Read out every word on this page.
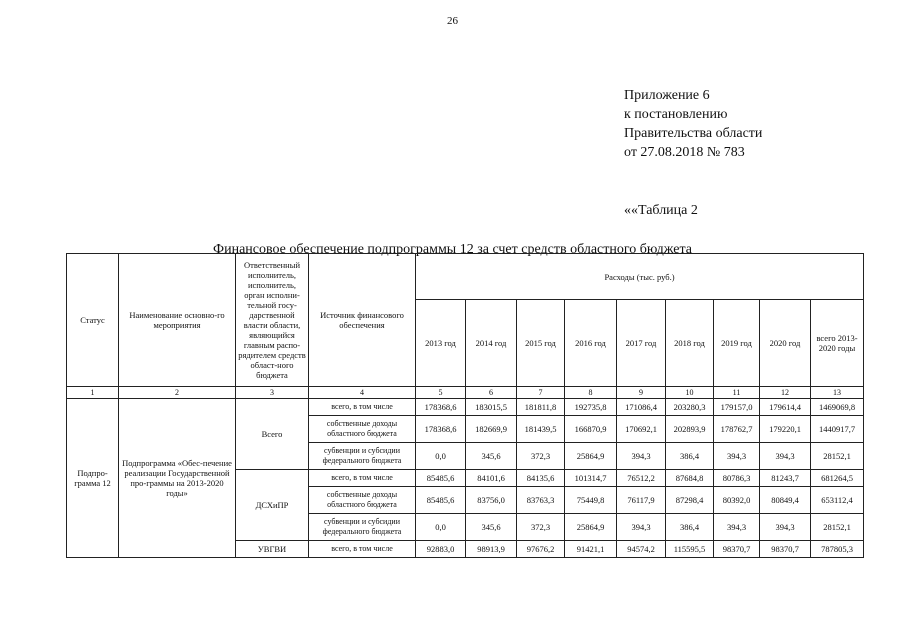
26
Приложение 6
к постановлению
Правительства области
от 27.08.2018 № 783
««Таблица 2
Финансовое обеспечение подпрограммы 12 за счет средств областного бюджета
Статус	Наименование основно-го мероприятия	Ответственный исполнитель, исполнитель, орган исполни-тельной госу-дарственной власти области, являющийся главным распо-рядителем средств област-ного бюджета	Источник финансового обеспечения	Расходы (тыс. руб.)								
				2013 год	2014 год	2015 год	2016 год	2017 год	2018 год	2019 год	2020 год	всего 2013-2020 годы
1	2	3	4	5	6	7	8	9	10	11	12	13
Подпро-грамма 12	Подпрограмма «Обес-печение реализации Государственной про-граммы на 2013-2020 годы»	Всего	всего, в том числе	178368,6	183015,5	181811,8	192735,8	171086,4	203280,3	179157,0	179614,4	1469069,8
			собственные доходы областного бюджета	178368,6	182669,9	181439,5	166870,9	170692,1	202893,9	178762,7	179220,1	1440917,7
			субвенции и субсидии федерального бюджета	0,0	345,6	372,3	25864,9	394,3	386,4	394,3	394,3	28152,1
		ДСХиПР	всего, в том числе	85485,6	84101,6	84135,6	101314,7	76512,2	87684,8	80786,3	81243,7	681264,5
			собственные доходы областного бюджета	85485,6	83756,0	83763,3	75449,8	76117,9	87298,4	80392,0	80849,4	653112,4
			субвенции и субсидии федерального бюджета	0,0	345,6	372,3	25864,9	394,3	386,4	394,3	394,3	28152,1
		УВГВИ	всего, в том числе	92883,0	98913,9	97676,2	91421,1	94574,2	115595,5	98370,7	98370,7	787805,3
